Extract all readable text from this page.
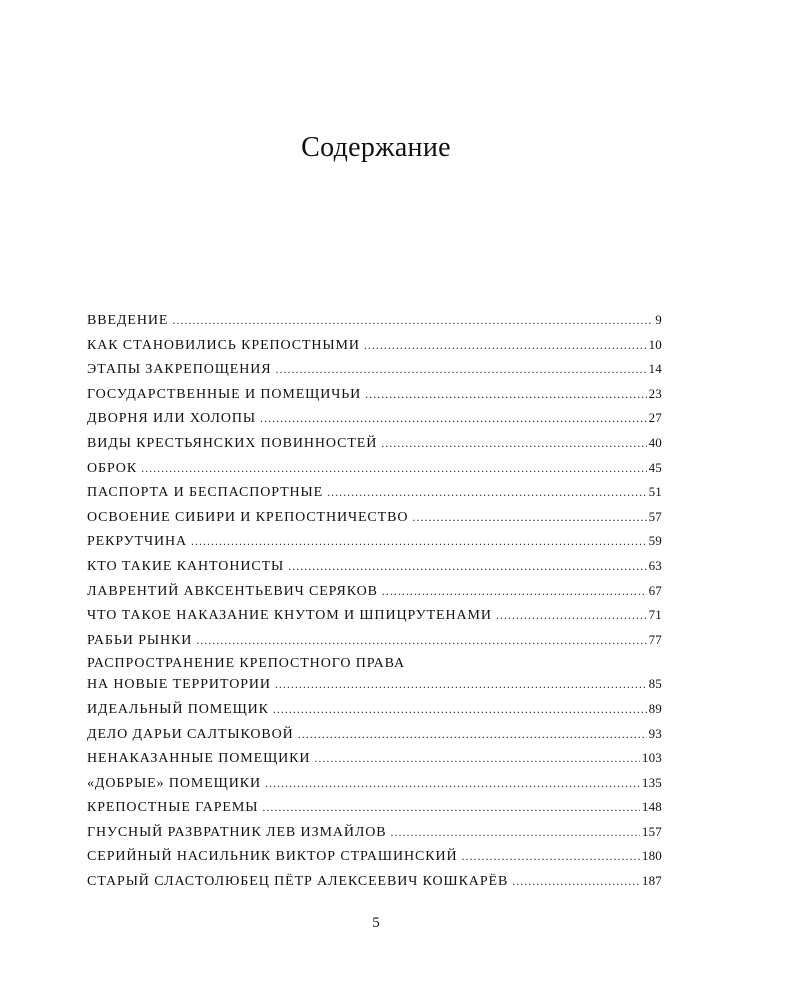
Содержание
ВВЕДЕНИЕ .....	9
КАК СТАНОВИЛИСЬ КРЕПОСТНЫМИ .....	10
ЭТАПЫ ЗАКРЕПОЩЕНИЯ .....	14
ГОСУДАРСТВЕННЫЕ И ПОМЕЩИЧЬИ .....	23
ДВОРНЯ ИЛИ ХОЛОПЫ .....	27
ВИДЫ КРЕСТЬЯНСКИХ ПОВИННОСТЕЙ .....	40
ОБРОК .....	45
ПАСПОРТА И БЕСПАСПОРТНЫЕ .....	51
ОСВОЕНИЕ СИБИРИ И КРЕПОСТНИЧЕСТВО .....	57
РЕКРУТЧИНА .....	59
КТО ТАКИЕ КАНТОНИСТЫ .....	63
ЛАВРЕНТИЙ АВКСЕНТЬЕВИЧ СЕРЯКОВ .....	67
ЧТО ТАКОЕ НАКАЗАНИЕ КНУТОМ И ШПИЦРУТЕНАМИ .....	71
РАБЬИ РЫНКИ .....	77
РАСПРОСТРАНЕНИЕ КРЕПОСТНОГО ПРАВА
НА НОВЫЕ ТЕРРИТОРИИ .....	85
ИДЕАЛЬНЫЙ ПОМЕЩИК .....	89
ДЕЛО ДАРЬИ САЛТЫКОВОЙ .....	93
НЕНАКАЗАННЫЕ ПОМЕЩИКИ .....	103
«ДОБРЫЕ» ПОМЕЩИКИ .....	135
КРЕПОСТНЫЕ ГАРЕМЫ .....	148
ГНУСНЫЙ РАЗВРАТНИК ЛЕВ ИЗМАЙЛОВ .....	157
СЕРИЙНЫЙ НАСИЛЬНИК ВИКТОР СТРАШИНСКИЙ .....	180
СТАРЫЙ СЛАСТОЛЮБЕЦ ПЁТР АЛЕКСЕЕВИЧ КОШКАРЁВ .....	187
5
